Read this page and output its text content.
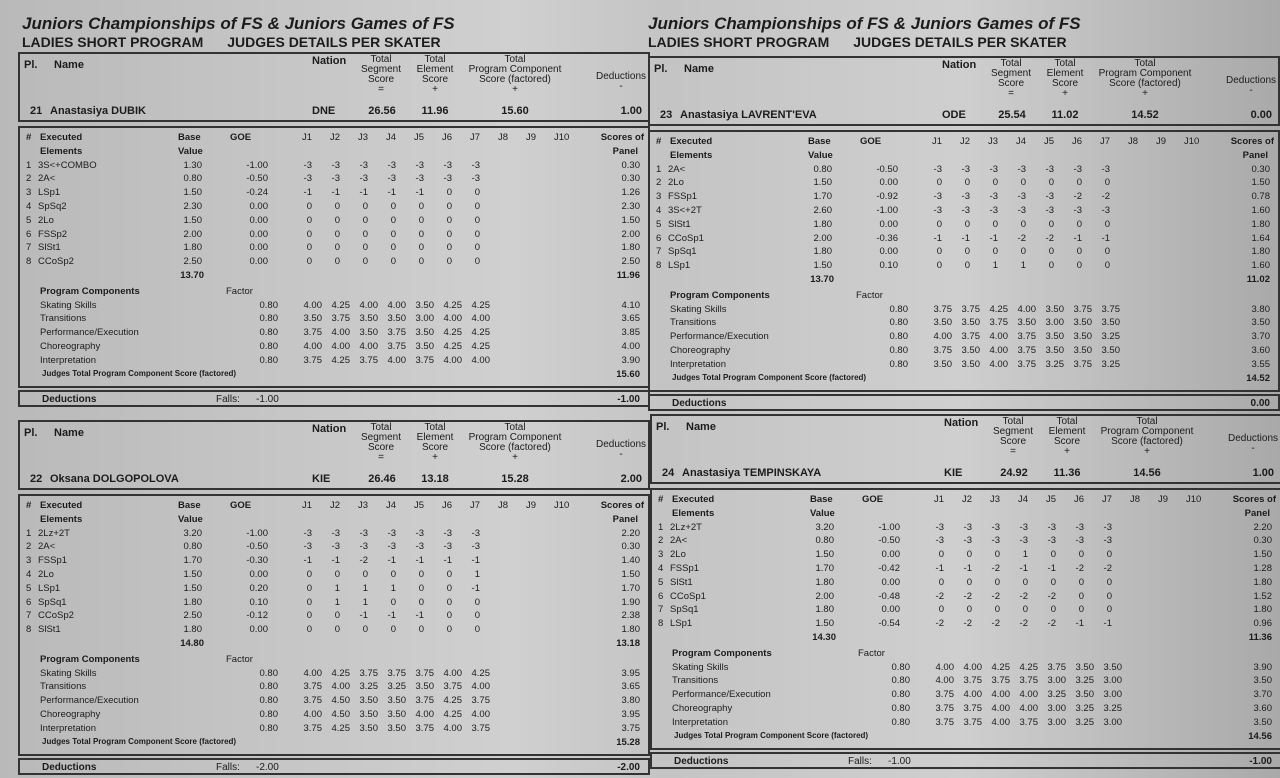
Juniors Championships of FS & Juniors Games of FS
LADIES SHORT PROGRAM JUDGES DETAILS PER SKATER
Juniors Championships of FS & Juniors Games of FS
LADIES SHORT PROGRAM JUDGES DETAILS PER SKATER
Pl. Name	Nation	Total
Segment
Score
=
Total
Element
Score
+
Total
Program Component
Score (factored)
+
Deductions
-
21 Anastasiya DUBIK	DNE	26.56	11.96	15.60	1.00
# Executed	Base	GOE	J1 J2 J3 J4 J5 J6 J7 J8 J9 J10	Scores of
Elements	Value	Panel
1 3S<+COMBO	1.30	-1.00	-3 -3 -3 -3 -3 -3 -3	0.30
2 2A<	0.80	-0.50	-3 -3 -3 -3 -3 -3 -3	0.30
3 LSp1	1.50	-0.24	-1 -1 -1 -1 -1 0 0	1.26
4 SpSq2	2.30	0.00	0 0 0 0 0 0 0	2.30
5 2Lo	1.50	0.00	0 0 0 0 0 0 0	1.50
6 FSSp2	2.00	0.00	0 0 0 0 0 0 0	2.00
7 SlSt1	1.80	0.00	0 0 0 0 0 0 0	1.80
8 CCoSp2	2.50	0.00	0 0 0 0 0 0 0	2.50
13.70	11.96
Program Components	Factor
Skating Skills	0.80	4.00 4.25 4.00 4.00 3.50 4.25 4.25	4.10
Transitions	0.80	3.50 3.75 3.50 3.50 3.00 4.00 4.00	3.65
Performance/Execution	0.80	3.75 4.00 3.50 3.75 3.50 4.25 4.25	3.85
Choreography	0.80	4.00 4.00 4.00 3.75 3.50 4.25 4.25	4.00
Interpretation	0.80	3.75 4.25 3.75 4.00 3.75 4.00 4.00	3.90
Judges Total Program Component Score (factored)	15.60
Deductions	Falls: -1.00	-1.00
Pl. Name	Nation	Total
Segment
Score
=
Total
Element
Score
+
Total
Program Component
Score (factored)
+
Deductions
-
23 Anastasiya LAVRENT'EVA	ODE	25.54	11.02	14.52	0.00
# Executed	Base	GOE	J1 J2 J3 J4 J5 J6 J7 J8 J9 J10	Scores of
Elements	Value	Panel
1 2A<	0.80	-0.50	-3 -3 -3 -3 -3 -3 -3	0.30
2 2Lo	1.50	0.00	0 0 0 0 0 0 0	1.50
3 FSSp1	1.70	-0.92	-3 -3 -3 -3 -3 -2 -2	0.78
4 3S<+2T	2.60	-1.00	-3 -3 -3 -3 -3 -3 -3	1.60
5 SlSt1	1.80	0.00	0 0 0 0 0 0 0	1.80
6 CCoSp1	2.00	-0.36	-1 -1 -1 -2 -2 -1 -1	1.64
7 SpSq1	1.80	0.00	0 0 0 0 0 0 0	1.80
8 LSp1	1.50	0.10	0 0 1 1 0 0 0	1.60
13.70	11.02
Program Components	Factor
Skating Skills	0.80	3.75 3.75 4.25 4.00 3.50 3.75 3.75	3.80
Transitions	0.80	3.50 3.50 3.75 3.50 3.00 3.50 3.50	3.50
Performance/Execution	0.80	4.00 3.75 4.00 3.75 3.50 3.50 3.25	3.70
Choreography	0.80	3.75 3.50 4.00 3.75 3.50 3.50 3.50	3.60
Interpretation	0.80	3.50 3.50 4.00 3.75 3.25 3.75 3.25	3.55
Judges Total Program Component Score (factored)	14.52
Deductions	0.00
Pl. Name	Nation	Total
Segment
Score
=
Total
Element
Score
+
Total
Program Component
Score (factored)
+
Deductions
-
22 Oksana DOLGOPOLOVA	KIE	26.46	13.18	15.28	2.00
# Executed	Base	GOE	J1 J2 J3 J4 J5 J6 J7 J8 J9 J10	Scores of
Elements	Value	Panel
1 2Lz+2T	3.20	-1.00	-3 -3 -3 -3 -3 -3 -3	2.20
2 2A<	0.80	-0.50	-3 -3 -3 -3 -3 -3 -3	0.30
3 FSSp1	1.70	-0.30	-1 -1 -2 -1 -1 -1 -1	1.40
4 2Lo	1.50	0.00	0 0 0 0 0 0 1	1.50
5 LSp1	1.50	0.20	0 1 1 1 0 0 -1	1.70
6 SpSq1	1.80	0.10	0 1 1 0 0 0 0	1.90
7 CCoSp2	2.50	-0.12	0 0 -1 -1 -1 0 0	2.38
8 SlSt1	1.80	0.00	0 0 0 0 0 0 0	1.80
14.80	13.18
Program Components	Factor
Skating Skills	0.80	4.00 4.25 3.75 3.75 3.75 4.00 4.25	3.95
Transitions	0.80	3.75 4.00 3.25 3.25 3.50 3.75 4.00	3.65
Performance/Execution	0.80	3.75 4.50 3.50 3.50 3.75 4.25 3.75	3.80
Choreography	0.80	4.00 4.50 3.50 3.50 4.00 4.25 4.00	3.95
Interpretation	0.80	3.75 4.25 3.50 3.50 3.75 4.00 3.75	3.75
Judges Total Program Component Score (factored)	15.28
Deductions	Falls: -2.00	-2.00
Pl. Name	Nation	Total
Segment
Score
=
Total
Element
Score
+
Total
Program Component
Score (factored)
+
Deductions
-
24 Anastasiya TEMPINSKAYA	KIE	24.92	11.36	14.56	1.00
# Executed	Base	GOE	J1 J2 J3 J4 J5 J6 J7 J8 J9 J10	Scores of
Elements	Value	Panel
1 2Lz+2T	3.20	-1.00	-3 -3 -3 -3 -3 -3 -3	2.20
2 2A<	0.80	-0.50	-3 -3 -3 -3 -3 -3 -3	0.30
3 2Lo	1.50	0.00	0 0 0 1 0 0 0	1.50
4 FSSp1	1.70	-0.42	-1 -1 -2 -1 -1 -2 -2	1.28
5 SlSt1	1.80	0.00	0 0 0 0 0 0 0	1.80
6 CCoSp1	2.00	-0.48	-2 -2 -2 -2 -2 0 0	1.52
7 SpSq1	1.80	0.00	0 0 0 0 0 0 0	1.80
8 LSp1	1.50	-0.54	-2 -2 -2 -2 -2 -1 -1	0.96
14.30	11.36
Program Components	Factor
Skating Skills	0.80	4.00 4.00 4.25 4.25 3.75 3.50 3.50	3.90
Transitions	0.80	4.00 3.75 3.75 3.75 3.00 3.25 3.00	3.50
Performance/Execution	0.80	3.75 4.00 4.00 4.00 3.25 3.50 3.00	3.70
Choreography	0.80	3.75 3.75 4.00 4.00 3.00 3.25 3.25	3.60
Interpretation	0.80	3.75 3.75 4.00 3.75 3.00 3.25 3.00	3.50
Judges Total Program Component Score (factored)	14.56
Deductions	Falls: -1.00	-1.00
